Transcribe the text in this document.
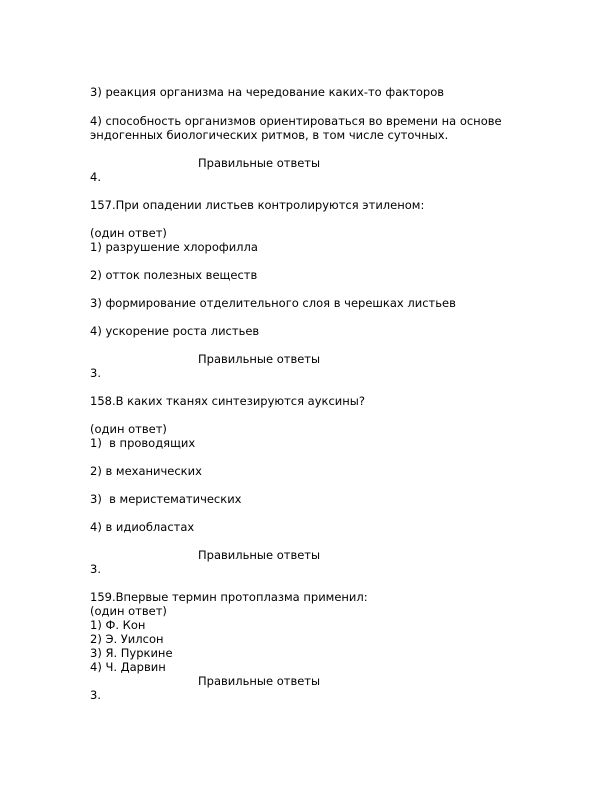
3) реакция организма на чередование каких-то факторов
4) способность организмов ориентироваться во времени на основе
эндогенных биологических ритмов, в том числе суточных.
Правильные ответы
4.
157.При опадении листьев контролируются этиленом:
(один ответ)
1) разрушение хлорофилла
2) отток полезных веществ
3) формирование отделительного слоя в черешках листьев
4) ускорение роста листьев
Правильные ответы
3.
158.В каких тканях синтезируются ауксины?
(один ответ)
1)  в проводящих
2) в механических
3)  в меристематических
4) в идиобластах
Правильные ответы
3.
159.Впервые термин протоплазма применил:
(один ответ)
1) Ф. Кон
2) Э. Уилсон
3) Я. Пуркине
4) Ч. Дарвин
Правильные ответы
3.
